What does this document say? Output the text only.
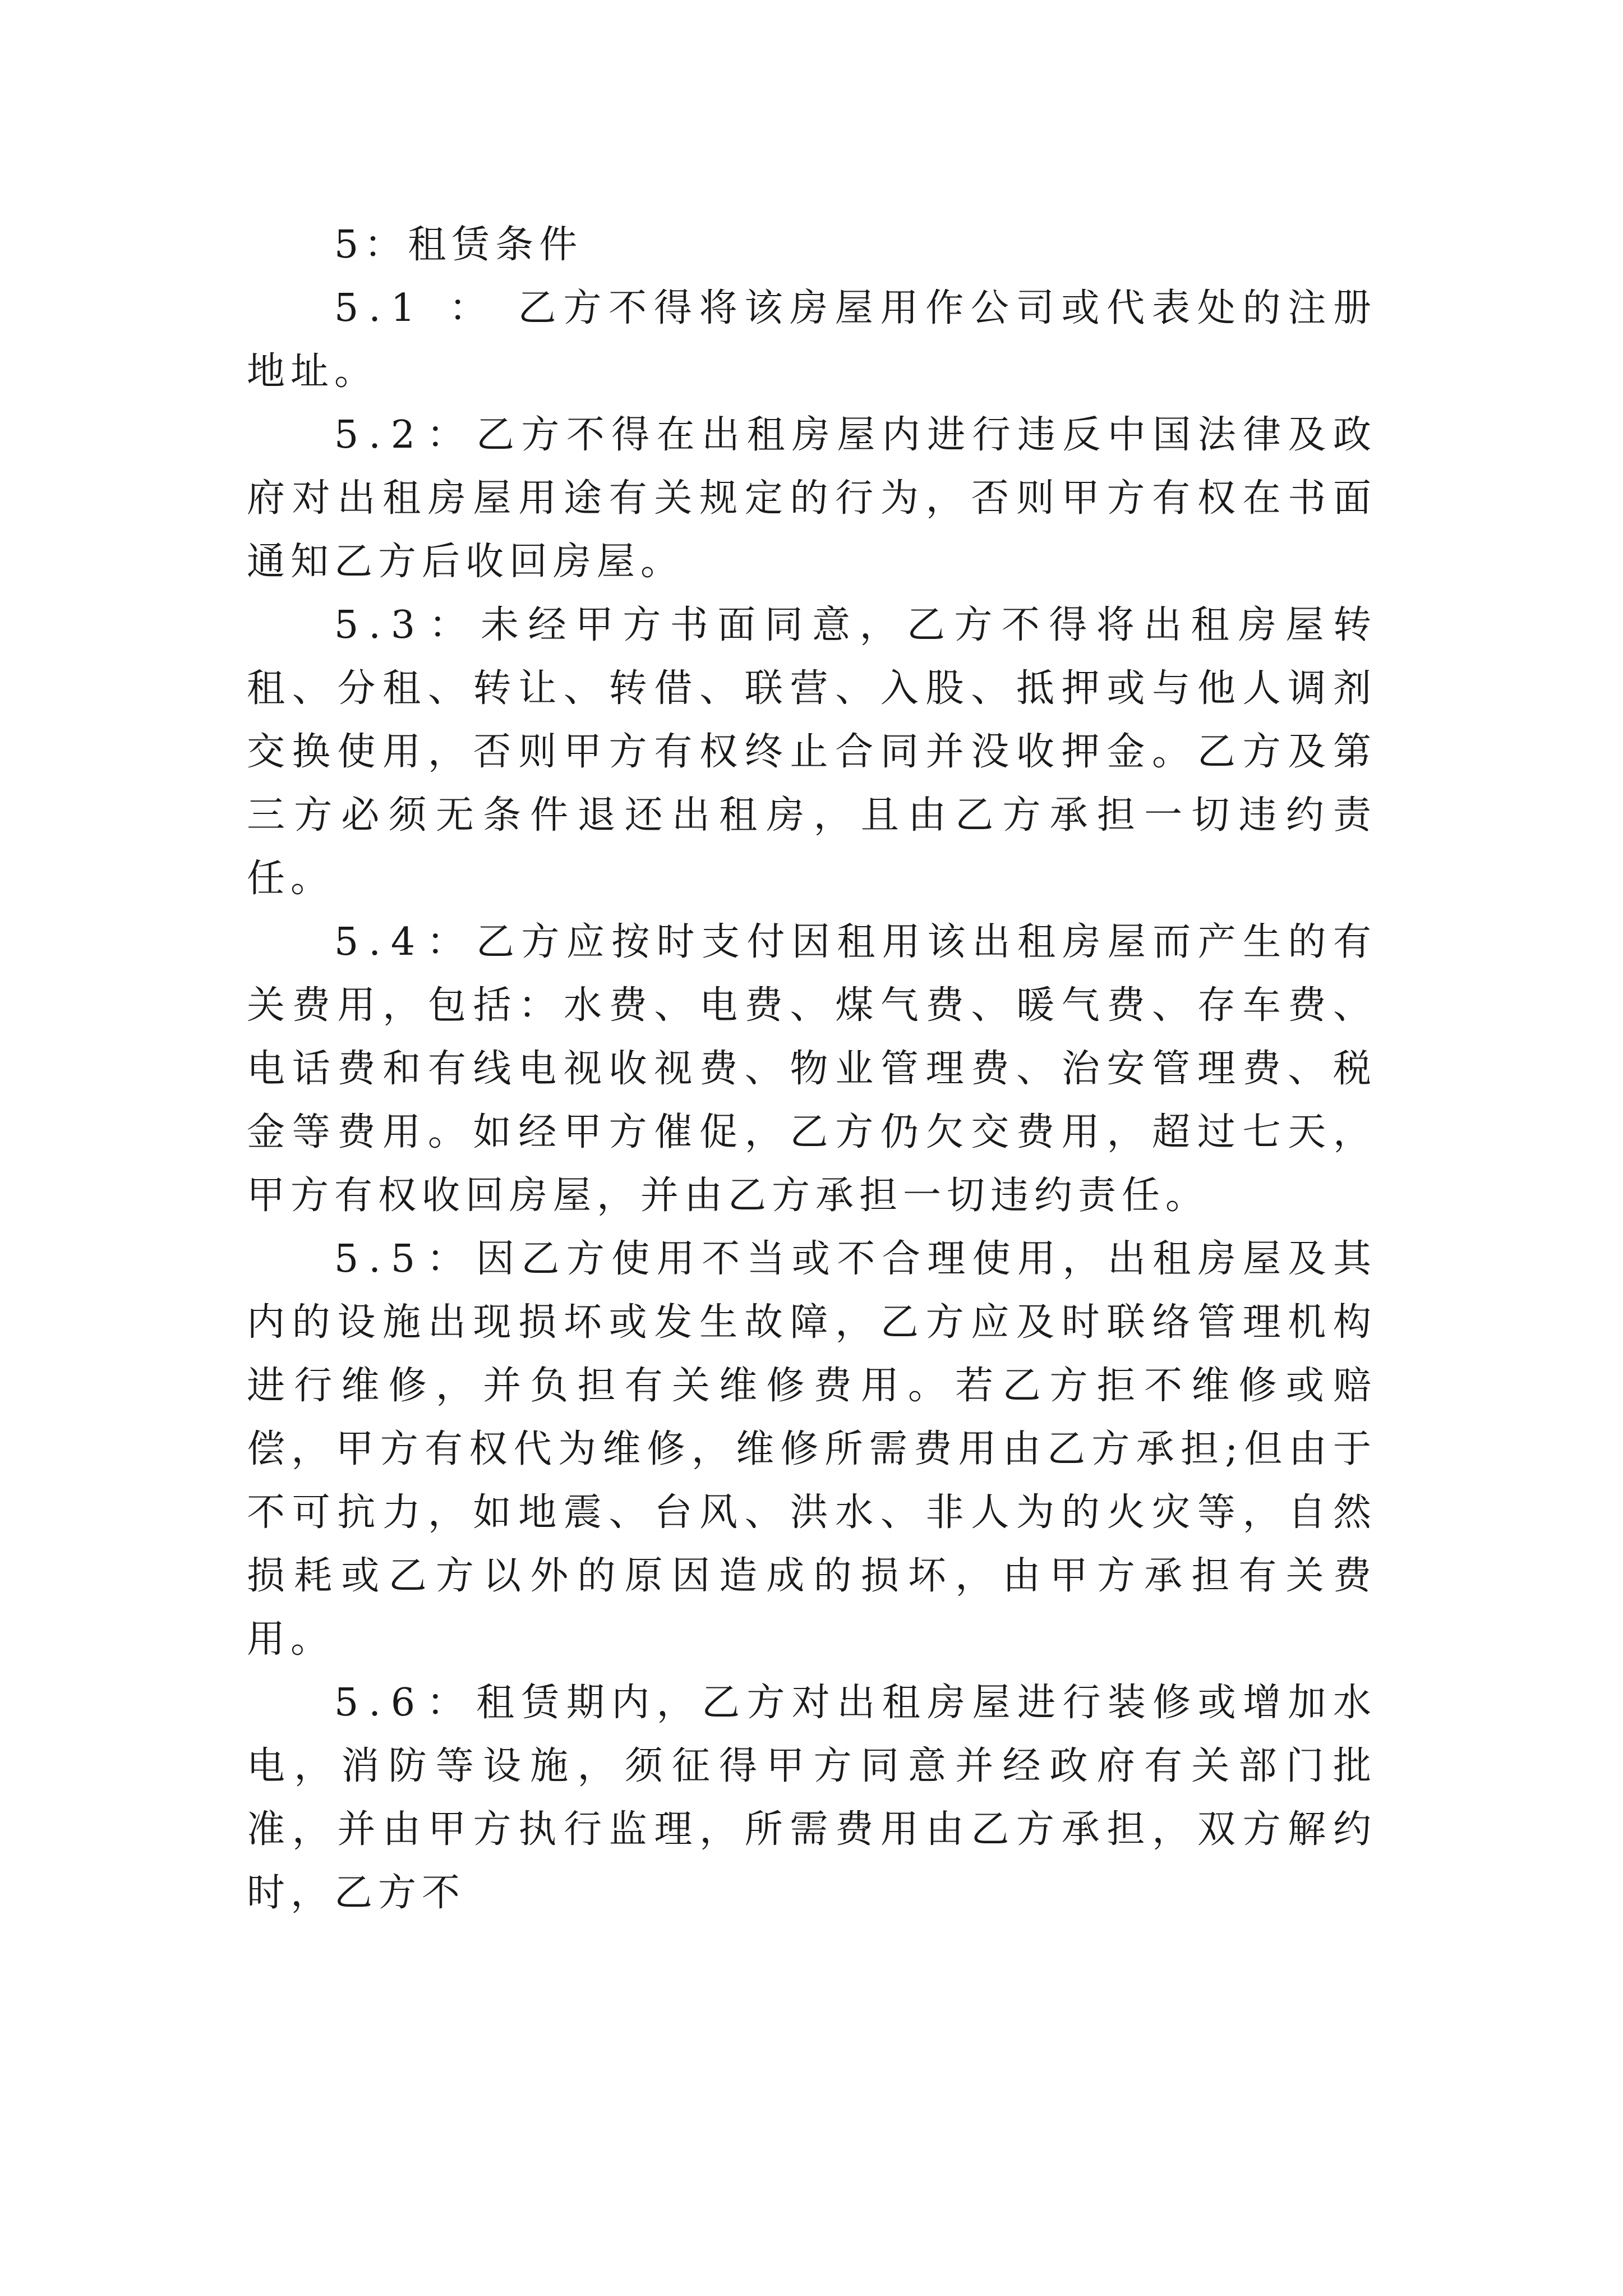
5：租赁条件

5.1 ： 乙方不得将该房屋用作公司或代表处的注册地址。

5.2：乙方不得在出租房屋内进行违反中国法律及政府对出租房屋用途有关规定的行为，否则甲方有权在书面通知乙方后收回房屋。

5.3：未经甲方书面同意，乙方不得将出租房屋转租、分租、转让、转借、联营、入股、抵押或与他人调剂交换使用，否则甲方有权终止合同并没收押金。乙方及第三方必须无条件退还出租房，且由乙方承担一切违约责任。

5.4：乙方应按时支付因租用该出租房屋而产生的有关费用，包括：水费、电费、煤气费、暖气费、存车费、电话费和有线电视收视费、物业管理费、治安管理费、税金等费用。如经甲方催促，乙方仍欠交费用，超过七天，甲方有权收回房屋，并由乙方承担一切违约责任。

5.5：因乙方使用不当或不合理使用，出租房屋及其内的设施出现损坏或发生故障，乙方应及时联络管理机构进行维修，并负担有关维修费用。若乙方拒不维修或赔偿，甲方有权代为维修，维修所需费用由乙方承担;但由于不可抗力，如地震、台风、洪水、非人为的火灾等，自然损耗或乙方以外的原因造成的损坏，由甲方承担有关费用。

5.6：租赁期内，乙方对出租房屋进行装修或增加水电，消防等设施，须征得甲方同意并经政府有关部门批准，并由甲方执行监理，所需费用由乙方承担，双方解约时，乙方不
